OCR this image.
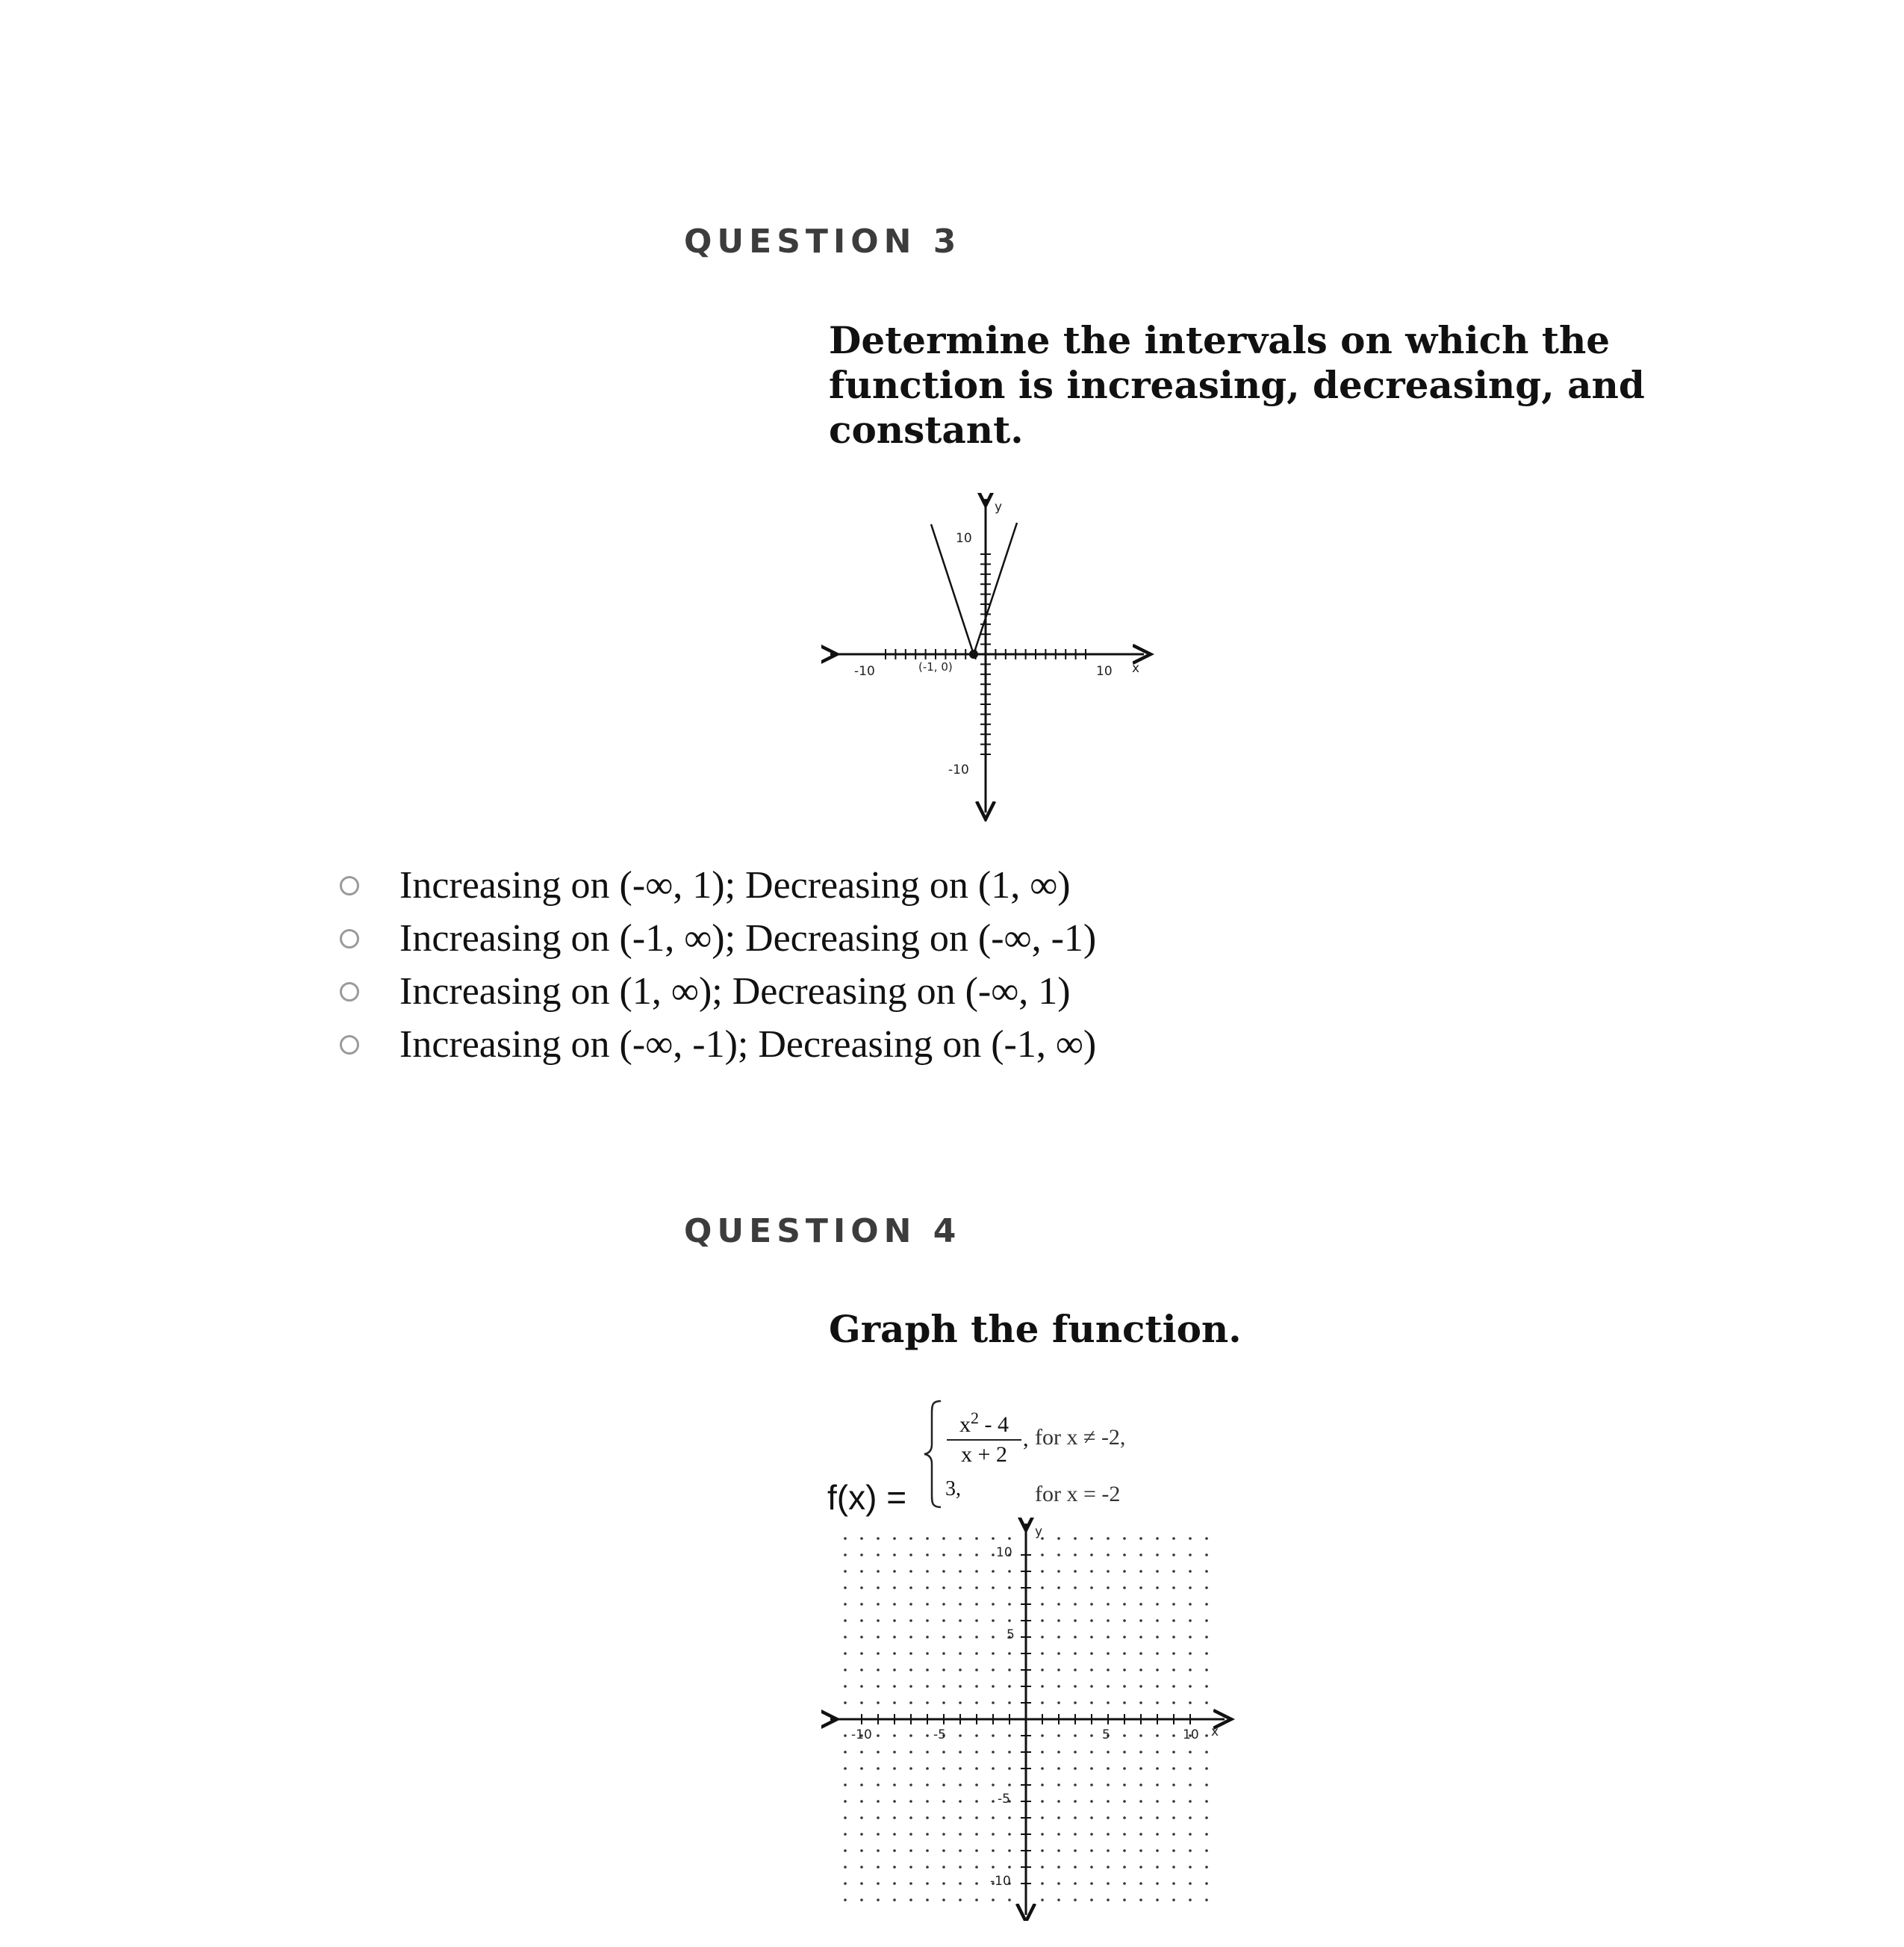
QUESTION 3

Determine the intervals on which the function is increasing, decreasing, and constant.

y
x
10
-10
-10	10
(-1, 0)
Increasing on (-∞, 1); Decreasing on (1, ∞)
Increasing on (-1, ∞); Decreasing on (-∞, -1)
Increasing on (1, ∞); Decreasing on (-∞, 1)
Increasing on (-∞, -1); Decreasing on (-1, ∞)
QUESTION 4

Graph the function.

f(x) =
$\frac{x^2 - 4}{x + 2}$ , for x ≠ -2,
3,	for x = -2
y
x
10
5
-5
-10
-10	-5	5	10
